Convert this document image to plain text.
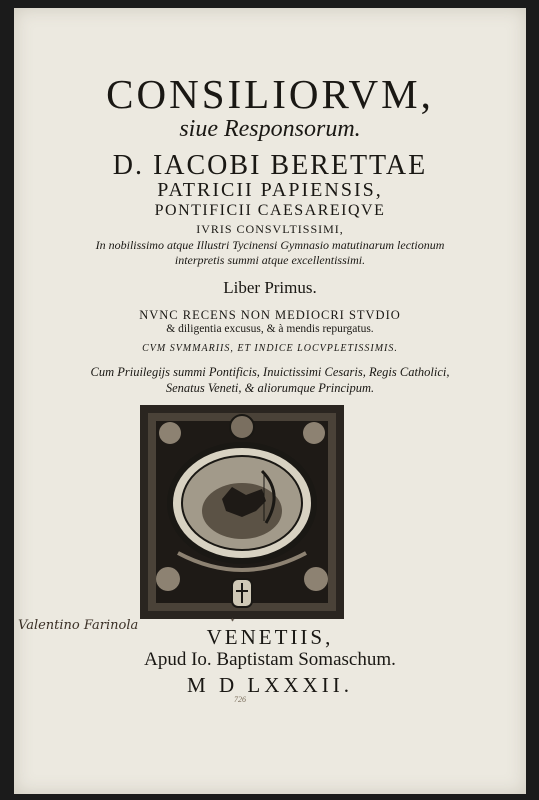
CONSILIORVM,
siue Responsorum.
D. IACOBI BERETTAE
PATRICII PAPIENSIS,
PONTIFICII CAESAREIQVE
IVRIS CONSVLTISSIMI,
In nobilissimo atque Illustri Tycinensi Gymnasio matutinarum lectionum
interpretis summi atque excellentissimi.
Liber Primus.
NVNC RECENS NON MEDIOCRI STVDIO
& diligentia excusus, & à mendis repurgatus.
CVM SVMMARIIS, ET INDICE LOCVPLETISSIMIS.
Cum Priuilegijs summi Pontificis, Inuictissimi Cesaris, Regis Catholici,
Senatus Veneti, & aliorumque Principum.
✦
Valentino Farinola	VENETIIS,
Apud Io. Baptistam Somaschum.
M D LXXXII.
726
